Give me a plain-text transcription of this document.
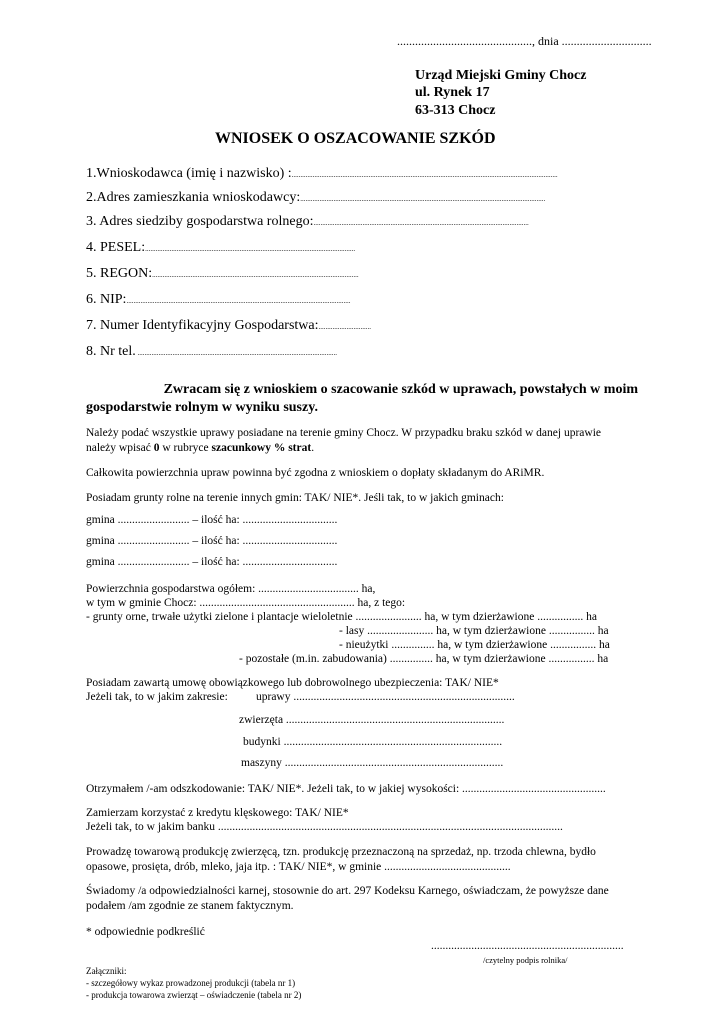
............................................., dnia ..............................
Urząd Miejski Gminy Chocz
ul. Rynek 17
63-313 Chocz
WNIOSEK O OSZACOWANIE SZKÓD
1.Wnioskodawca (imię i nazwisko) :........................................................................................................................................................
2.Adres zamieszkania wnioskodawcy:............................................................................................................................................
3. Adres siedziby gospodarstwa rolnego:...........................................................................................................................
4. PESEL:........................................................................................................................
5. REGON:......................................................................................................................
6. NIP:................................................................................................................................
7. Numer Identyfikacyjny Gospodarstwa:..............................
8. Nr tel. ..................................................................................................................
Zwracam się z wnioskiem o szacowanie szkód w uprawach, powstałych w moim
gospodarstwie rolnym w wyniku suszy.
Należy podać wszystkie uprawy posiadane na terenie gminy Chocz. W przypadku braku szkód w danej uprawie
należy wpisać 0 w rubryce szacunkowy % strat.
Całkowita powierzchnia upraw powinna być zgodna z wnioskiem o dopłaty składanym do ARiMR.
Posiadam grunty rolne na terenie innych gmin: TAK/ NIE*. Jeśli tak, to w jakich gminach:
gmina ......................... – ilość ha: .................................
gmina ......................... – ilość ha: .................................
gmina ......................... – ilość ha: .................................
Powierzchnia gospodarstwa ogółem: ................................... ha,
w tym w gminie Chocz: ...................................................... ha, z tego:
- grunty orne, trwałe użytki zielone i plantacje wieloletnie ....................... ha, w tym dzierżawione ................ ha
- lasy ....................... ha, w tym dzierżawione ................ ha
- nieużytki ............... ha, w tym dzierżawione ................ ha
- pozostałe (m.in. zabudowania) ............... ha, w tym dzierżawione ................ ha
Posiadam zawartą umowę obowiązkowego lub dobrowolnego ubezpieczenia: TAK/ NIE*
Jeżeli tak, to w jakim zakresie: uprawy .............................................................................
zwierzęta ............................................................................
budynki ............................................................................
maszyny ............................................................................
Otrzymałem /-am odszkodowanie: TAK/ NIE*. Jeżeli tak, to w jakiej wysokości: ..................................................
Zamierzam korzystać z kredytu klęskowego: TAK/ NIE*
Jeżeli tak, to w jakim banku ........................................................................................................................
Prowadzę towarową produkcję zwierzęcą, tzn. produkcję przeznaczoną na sprzedaż, np. trzoda chlewna, bydło
opasowe, prosięta, drób, mleko, jaja itp. : TAK/ NIE*, w gminie ............................................
Świadomy /a odpowiedzialności karnej, stosownie do art. 297 Kodeksu Karnego, oświadczam, że powyższe dane
podałem /am zgodnie ze stanem faktycznym.
* odpowiednie podkreślić
...................................................................
/czytelny podpis rolnika/
Załączniki:
- szczegółowy wykaz prowadzonej produkcji (tabela nr 1)
- produkcja towarowa zwierząt – oświadczenie (tabela nr 2)
